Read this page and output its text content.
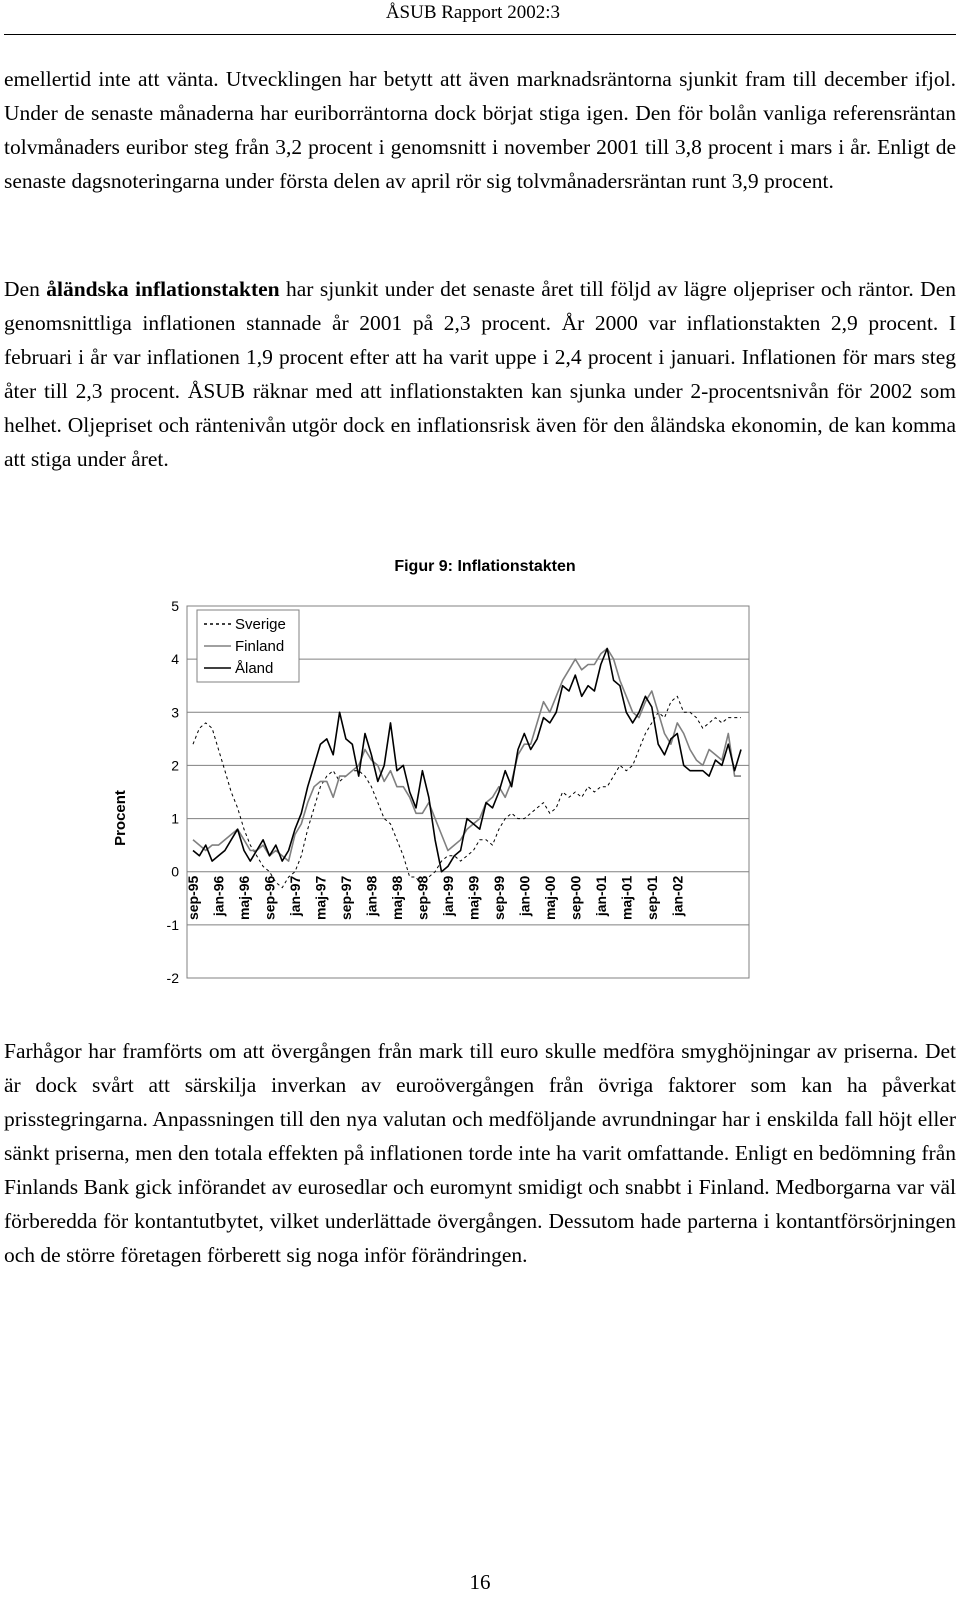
ÅSUB Rapport 2002:3

emellertid inte att vänta. Utvecklingen har betytt att även marknadsräntorna sjunkit fram till december ifjol. Under de senaste månaderna har euriborräntorna dock börjat stiga igen. Den för bolån vanliga referensräntan tolvmånaders euribor steg från 3,2 procent i genomsnitt i november 2001 till 3,8 procent i mars i år. Enligt de senaste dagsnoteringarna under första delen av april rör sig tolvmånadersräntan runt 3,9 procent.

Den åländska inflationstakten har sjunkit under det senaste året till följd av lägre oljepriser och räntor. Den genomsnittliga inflationen stannade år 2001 på 2,3 procent. År 2000 var inflationstakten 2,9 procent. I februari i år var inflationen 1,9 procent efter att ha varit uppe i 2,4 procent i januari. Inflationen för mars steg åter till 2,3 procent. ÅSUB räknar med att inflationstakten kan sjunka under 2-procentsnivån för 2002 som helhet. Oljepriset och räntenivån utgör dock en inflationsrisk även för den åländska ekonomin, de kan komma att stiga under året.

Figur 9: Inflationstakten
Procent
5
4
3
2
1
0
-1
-2
sep-95 jan-96 maj-96 sep-96 jan-97 maj-97 sep-97 jan-98 maj-98 sep-98 jan-99 maj-99 sep-99 jan-00 maj-00 sep-00 jan-01 maj-01 sep-01 jan-02
Sverige
Finland
Åland

Farhågor har framförts om att övergången från mark till euro skulle medföra smyghöjningar av priserna. Det är dock svårt att särskilja inverkan av euroövergången från övriga faktorer som kan ha påverkat prisstegringarna. Anpassningen till den nya valutan och medföljande avrundningar har i enskilda fall höjt eller sänkt priserna, men den totala effekten på inflationen torde inte ha varit omfattande. Enligt en bedömning från Finlands Bank gick införandet av eurosedlar och euromynt smidigt och snabbt i Finland. Medborgarna var väl förberedda för kontantutbytet, vilket underlättade övergången. Dessutom hade parterna i kontantförsörjningen och de större företagen förberett sig noga inför förändringen.

16
